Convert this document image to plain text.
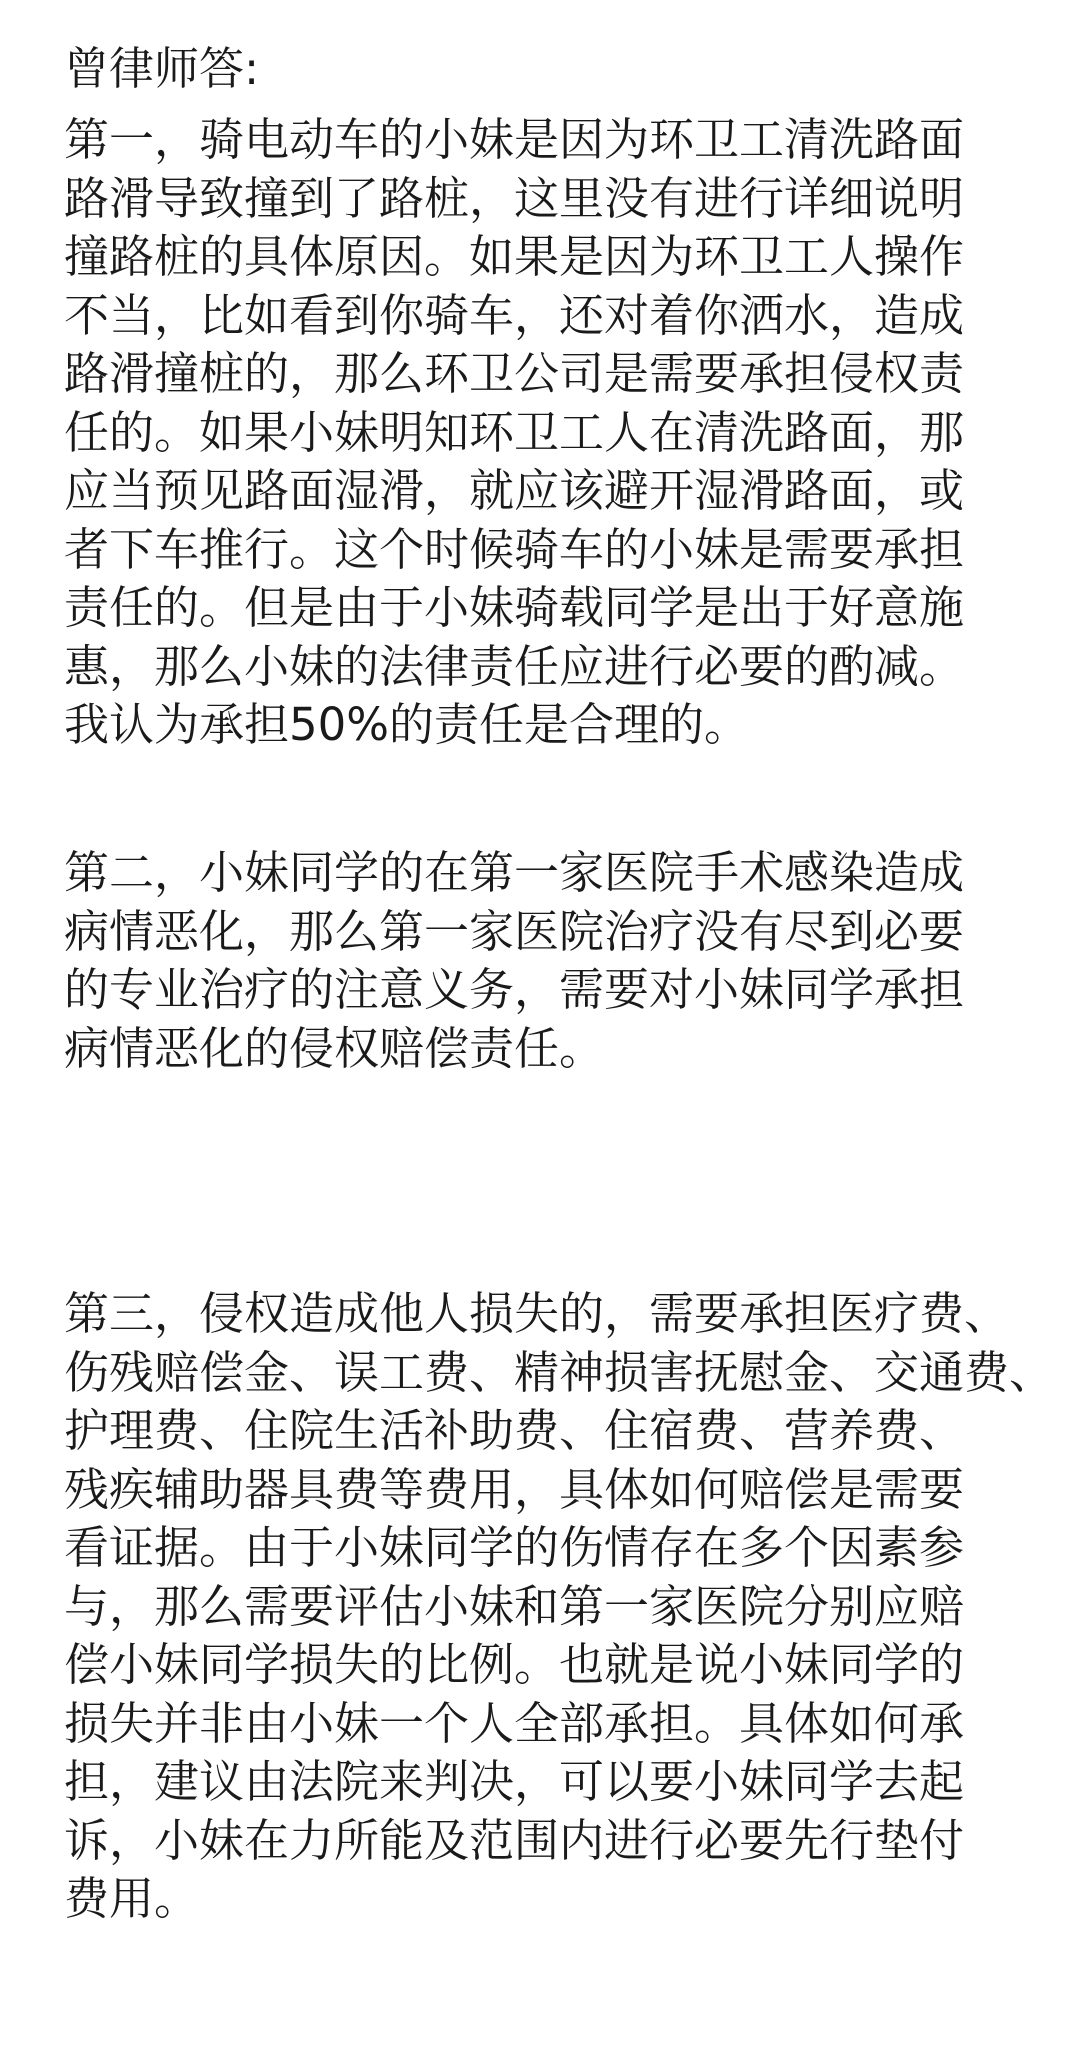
曾律师答:
第一，骑电动车的小妹是因为环卫工清洗路面
路滑导致撞到了路桩，这里没有进行详细说明
撞路桩的具体原因。如果是因为环卫工人操作
不当，比如看到你骑车，还对着你洒水，造成
路滑撞桩的，那么环卫公司是需要承担侵权责
任的。如果小妹明知环卫工人在清洗路面，那
应当预见路面湿滑，就应该避开湿滑路面，或
者下车推行。这个时候骑车的小妹是需要承担
责任的。但是由于小妹骑载同学是出于好意施
惠，那么小妹的法律责任应进行必要的酌减。
我认为承担50%的责任是合理的。
第二，小妹同学的在第一家医院手术感染造成
病情恶化，那么第一家医院治疗没有尽到必要
的专业治疗的注意义务，需要对小妹同学承担
病情恶化的侵权赔偿责任。
第三，侵权造成他人损失的，需要承担医疗费、
伤残赔偿金、误工费、精神损害抚慰金、交通费、
护理费、住院生活补助费、住宿费、营养费、
残疾辅助器具费等费用，具体如何赔偿是需要
看证据。由于小妹同学的伤情存在多个因素参
与，那么需要评估小妹和第一家医院分别应赔
偿小妹同学损失的比例。也就是说小妹同学的
损失并非由小妹一个人全部承担。具体如何承
担，建议由法院来判决，可以要小妹同学去起
诉，小妹在力所能及范围内进行必要先行垫付
费用。
